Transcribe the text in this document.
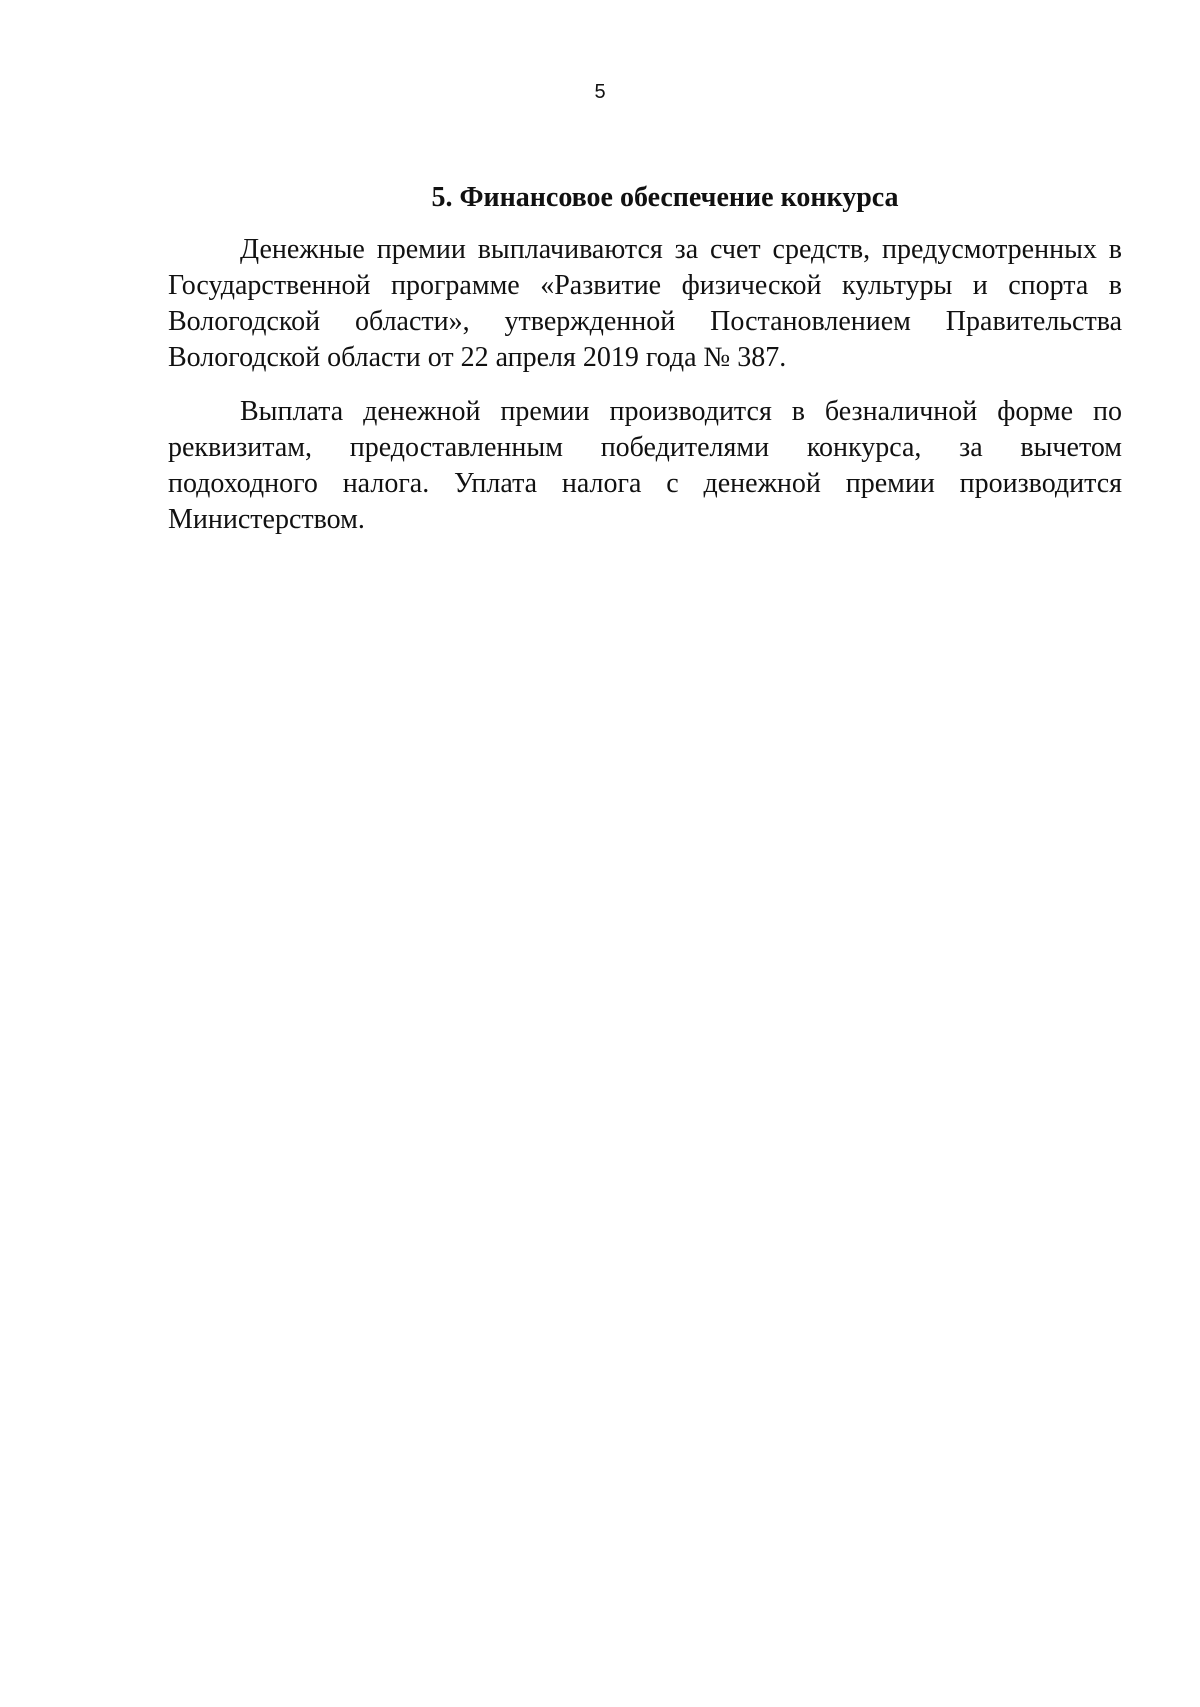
5
5. Финансовое обеспечение конкурса

Денежные премии выплачиваются за счет средств, предусмотренных в Государственной программе «Развитие физической культуры и спорта в Вологодской области», утвержденной Постановлением Правительства Вологодской области от 22 апреля 2019 года № 387.

Выплата денежной премии производится в безналичной форме по реквизитам, предоставленным победителями конкурса, за вычетом подоходного налога. Уплата налога с денежной премии производится Министерством.
